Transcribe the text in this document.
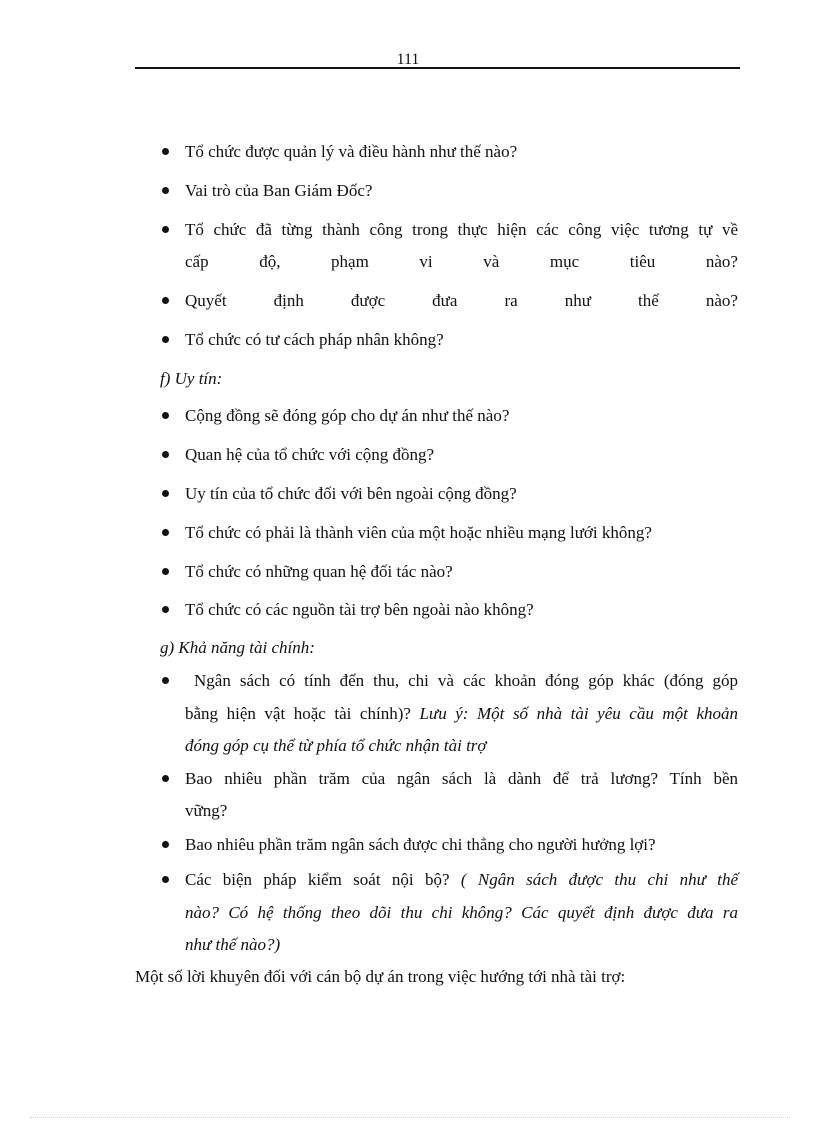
111
Tổ chức được quản lý và điều hành như thế nào?
Vai trò của Ban Giám Đốc?
Tổ chức đã từng thành công trong thực hiện các công việc tương tự về
cấp	độ,	phạm	vi	và	mục	tiêu	nào?
Quyết	định	được	đưa	ra	như	thế	nào?
Tổ chức có tư cách pháp nhân không?
f) Uy tín:
Cộng đồng sẽ đóng góp cho dự án như thế nào?
Quan hệ của tổ chức với cộng đồng?
Uy tín của tổ chức đối với bên ngoài cộng đồng?
Tổ chức có phải là thành viên của một hoặc nhiều mạng lưới không?
Tổ chức có những quan hệ đối tác nào?
Tổ chức có các nguồn tài trợ bên ngoài nào không?
g) Khả năng tài chính:
Ngân sách có tính đến thu, chi và các khoản đóng góp khác (đóng góp
bằng hiện vật hoặc tài chính)? Lưu ý: Một số nhà tài yêu cầu một khoản
đóng góp cụ thể từ phía tổ chức nhận tài trợ
Bao nhiêu phần trăm của ngân sách là dành để trả lương? Tính bền
vững?
Bao nhiêu phần trăm ngân sách được chi thẳng cho người hưởng lợi?
Các biện pháp kiểm soát nội bộ? ( Ngân sách được thu chi như thế
nào? Có hệ thống theo dõi thu chi không? Các quyết định được đưa ra
như thế nào?)
Một số lời khuyên đối với cán bộ dự án trong việc hướng tới nhà tài trợ:
